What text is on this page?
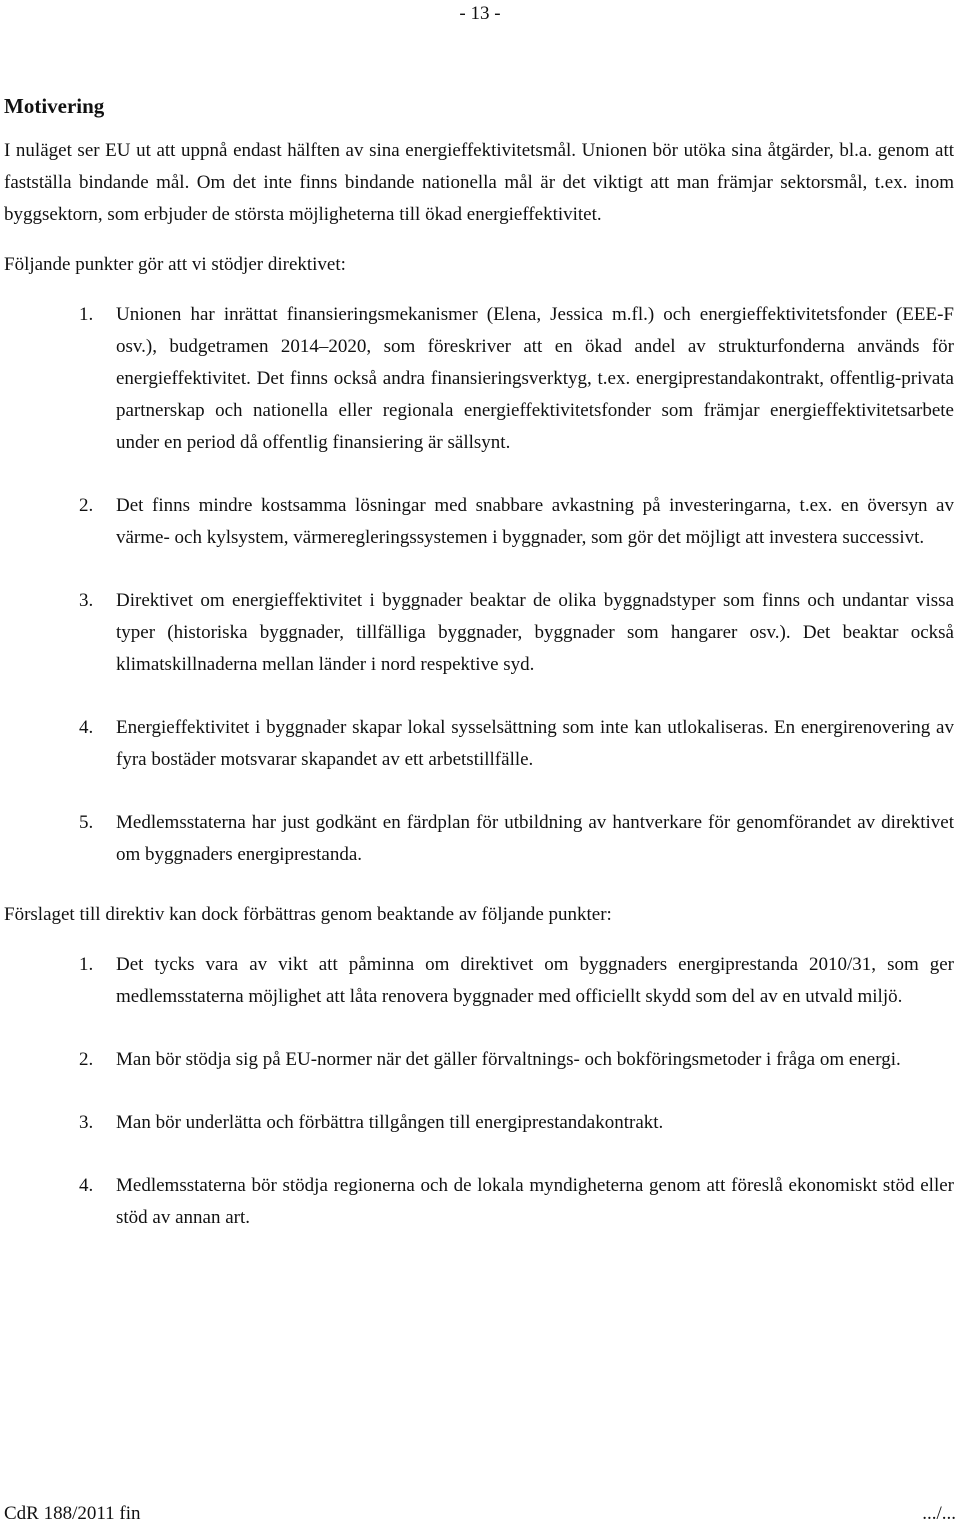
- 13 -
Motivering

I nuläget ser EU ut att uppnå endast hälften av sina energieffektivitetsmål. Unionen bör utöka sina åtgärder, bl.a. genom att fastställa bindande mål. Om det inte finns bindande nationella mål är det viktigt att man främjar sektorsmål, t.ex. inom byggsektorn, som erbjuder de största möjligheterna till ökad energieffektivitet.

Följande punkter gör att vi stödjer direktivet:

1. Unionen har inrättat finansieringsmekanismer (Elena, Jessica m.fl.) och energieffektivitetsfonder (EEE-F osv.), budgetramen 2014–2020, som föreskriver att en ökad andel av strukturfonderna används för energieffektivitet. Det finns också andra finansieringsverktyg, t.ex. energiprestandakontrakt, offentlig-privata partnerskap och nationella eller regionala energieffektivitetsfonder som främjar energieffektivitetsarbete under en period då offentlig finansiering är sällsynt.
2. Det finns mindre kostsamma lösningar med snabbare avkastning på investeringarna, t.ex. en översyn av värme- och kylsystem, värmeregleringssystemen i byggnader, som gör det möjligt att investera successivt.
3. Direktivet om energieffektivitet i byggnader beaktar de olika byggnadstyper som finns och undantar vissa typer (historiska byggnader, tillfälliga byggnader, byggnader som hangarer osv.). Det beaktar också klimatskillnaderna mellan länder i nord respektive syd.
4. Energieffektivitet i byggnader skapar lokal sysselsättning som inte kan utlokaliseras. En energirenovering av fyra bostäder motsvarar skapandet av ett arbetstillfälle.
5. Medlemsstaterna har just godkänt en färdplan för utbildning av hantverkare för genomförandet av direktivet om byggnaders energiprestanda.

Förslaget till direktiv kan dock förbättras genom beaktande av följande punkter:

1. Det tycks vara av vikt att påminna om direktivet om byggnaders energiprestanda 2010/31, som ger medlemsstaterna möjlighet att låta renovera byggnader med officiellt skydd som del av en utvald miljö.
2. Man bör stödja sig på EU-normer när det gäller förvaltnings- och bokföringsmetoder i fråga om energi.
3. Man bör underlätta och förbättra tillgången till energiprestandakontrakt.
4. Medlemsstaterna bör stödja regionerna och de lokala myndigheterna genom att föreslå ekonomiskt stöd eller stöd av annan art.
CdR 188/2011 fin	.../...
